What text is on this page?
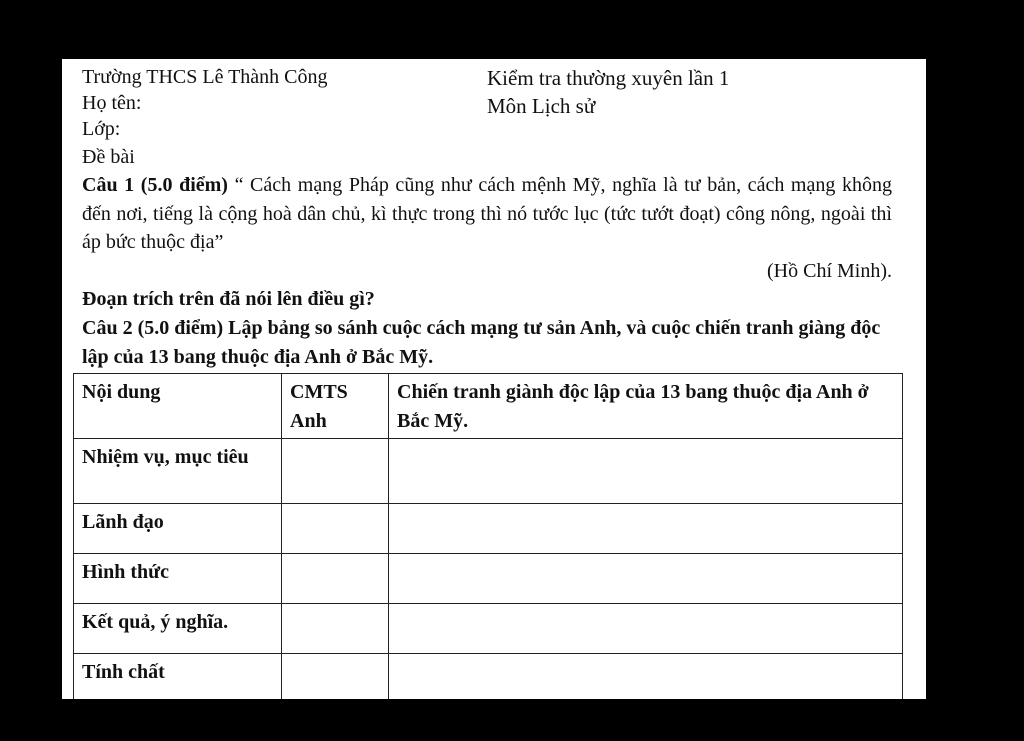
Trường THCS Lê Thành Công
Họ tên:
Lớp:
Đề bài
Kiểm tra thường xuyên lần 1
Môn Lịch sử
Câu 1 (5.0 điểm) “ Cách mạng Pháp cũng như cách mệnh Mỹ, nghĩa là tư bản, cách mạng không đến nơi, tiếng là cộng hoà dân chủ, kì thực trong thì nó tước lục (tức tướt đoạt) công nông, ngoài thì áp bức thuộc địa”
(Hồ Chí Minh).
Đoạn trích trên đã nói lên điều gì?
Câu 2 (5.0 điểm) Lập bảng so sánh cuộc cách mạng tư sản Anh, và cuộc chiến tranh giàng độc lập của 13 bang thuộc địa Anh ở Bắc Mỹ.
Nội dung	CMTS Anh	Chiến tranh giành độc lập của 13 bang thuộc địa Anh ở Bắc Mỹ.
Nhiệm vụ, mục tiêu		
Lãnh đạo		
Hình thức		
Kết quả, ý nghĩa.		
Tính chất		
